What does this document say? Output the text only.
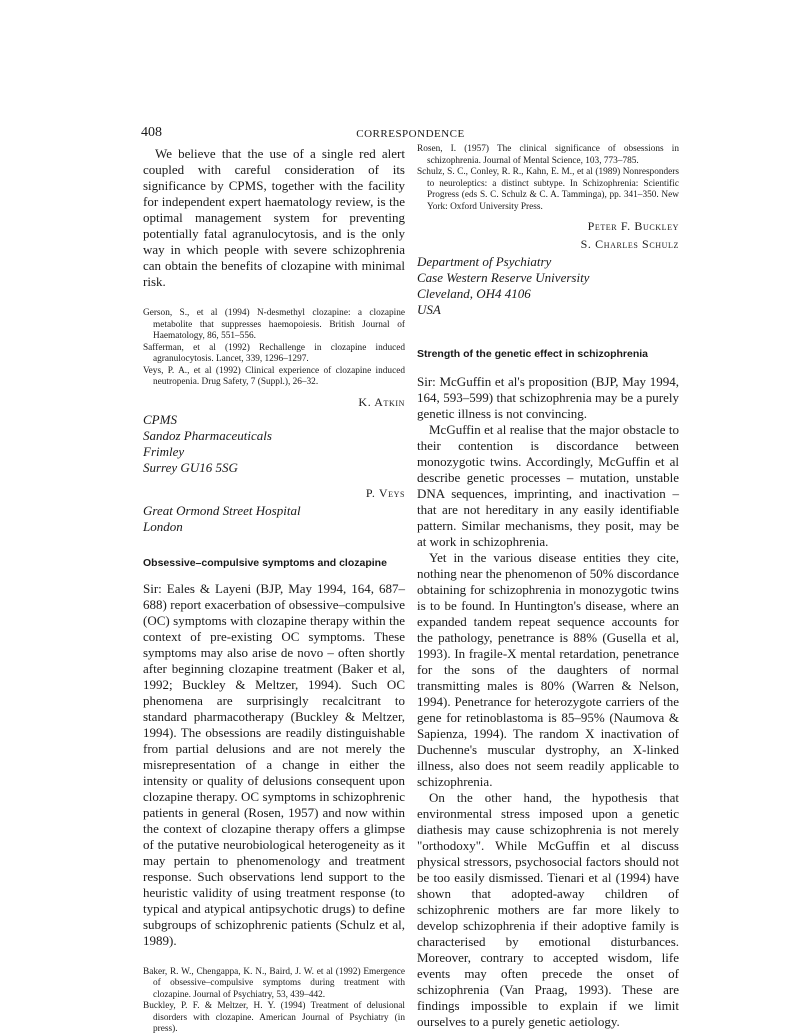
408	CORRESPONDENCE

We believe that the use of a single red alert coupled with careful consideration of its significance by CPMS, together with the facility for independent expert haematology review, is the optimal management system for preventing potentially fatal agranulocytosis, and is the only way in which people with severe schizophrenia can obtain the benefits of clozapine with minimal risk.

Gerson, S., et al (1994) N-desmethyl clozapine: a clozapine metabolite that suppresses haemopoiesis. British Journal of Haematology, 86, 551–556.

Safferman, et al (1992) Rechallenge in clozapine induced agranulocytosis. Lancet, 339, 1296–1297.

Veys, P. A., et al (1992) Clinical experience of clozapine induced neutropenia. Drug Safety, 7 (Suppl.), 26–32.

K. Atkin

CPMS

Sandoz Pharmaceuticals

Frimley

Surrey GU16 5SG

P. Veys

Great Ormond Street Hospital

London

Obsessive–compulsive symptoms and clozapine

Sir: Eales & Layeni (BJP, May 1994, 164, 687–688) report exacerbation of obsessive–compulsive (OC) symptoms with clozapine therapy within the context of pre-existing OC symptoms. These symptoms may also arise de novo – often shortly after beginning clozapine treatment (Baker et al, 1992; Buckley & Meltzer, 1994). Such OC phenomena are surprisingly recalcitrant to standard pharmacotherapy (Buckley & Meltzer, 1994). The obsessions are readily distinguishable from partial delusions and are not merely the misrepresentation of a change in either the intensity or quality of delusions consequent upon clozapine therapy. OC symptoms in schizophrenic patients in general (Rosen, 1957) and now within the context of clozapine therapy offers a glimpse of the putative neurobiological heterogeneity as it may pertain to phenomenology and treatment response. Such observations lend support to the heuristic validity of using treatment response (to typical and atypical antipsychotic drugs) to define subgroups of schizophrenic patients (Schulz et al, 1989).

Baker, R. W., Chengappa, K. N., Baird, J. W. et al (1992) Emergence of obsessive–compulsive symptoms during treatment with clozapine. Journal of Psychiatry, 53, 439–442.

Buckley, P. F. & Meltzer, H. Y. (1994) Treatment of delusional disorders with clozapine. American Journal of Psychiatry (in press).

Rosen, I. (1957) The clinical significance of obsessions in schizophrenia. Journal of Mental Science, 103, 773–785.

Schulz, S. C., Conley, R. R., Kahn, E. M., et al (1989) Nonresponders to neuroleptics: a distinct subtype. In Schizophrenia: Scientific Progress (eds S. C. Schulz & C. A. Tamminga), pp. 341–350. New York: Oxford University Press.

Peter F. Buckley

S. Charles Schulz

Department of Psychiatry

Case Western Reserve University

Cleveland, OH4 4106

USA

Strength of the genetic effect in schizophrenia

Sir: McGuffin et al's proposition (BJP, May 1994, 164, 593–599) that schizophrenia may be a purely genetic illness is not convincing.

McGuffin et al realise that the major obstacle to their contention is discordance between monozygotic twins. Accordingly, McGuffin et al describe genetic processes – mutation, unstable DNA sequences, imprinting, and inactivation – that are not hereditary in any easily identifiable pattern. Similar mechanisms, they posit, may be at work in schizophrenia.

Yet in the various disease entities they cite, nothing near the phenomenon of 50% discordance obtaining for schizophrenia in monozygotic twins is to be found. In Huntington's disease, where an expanded tandem repeat sequence accounts for the pathology, penetrance is 88% (Gusella et al, 1993). In fragile-X mental retardation, penetrance for the sons of the daughters of normal transmitting males is 80% (Warren & Nelson, 1994). Penetrance for heterozygote carriers of the gene for retinoblastoma is 85–95% (Naumova & Sapienza, 1994). The random X inactivation of Duchenne's muscular dystrophy, an X-linked illness, also does not seem readily applicable to schizophrenia.

On the other hand, the hypothesis that environmental stress imposed upon a genetic diathesis may cause schizophrenia is not merely "orthodoxy". While McGuffin et al discuss physical stressors, psychosocial factors should not be too easily dismissed. Tienari et al (1994) have shown that adopted-away children of schizophrenic mothers are far more likely to develop schizophrenia if their adoptive family is characterised by emotional disturbances. Moreover, contrary to accepted wisdom, life events may often precede the onset of schizophrenia (Van Praag, 1993). These are findings impossible to explain if we limit ourselves to a purely genetic aetiology.
